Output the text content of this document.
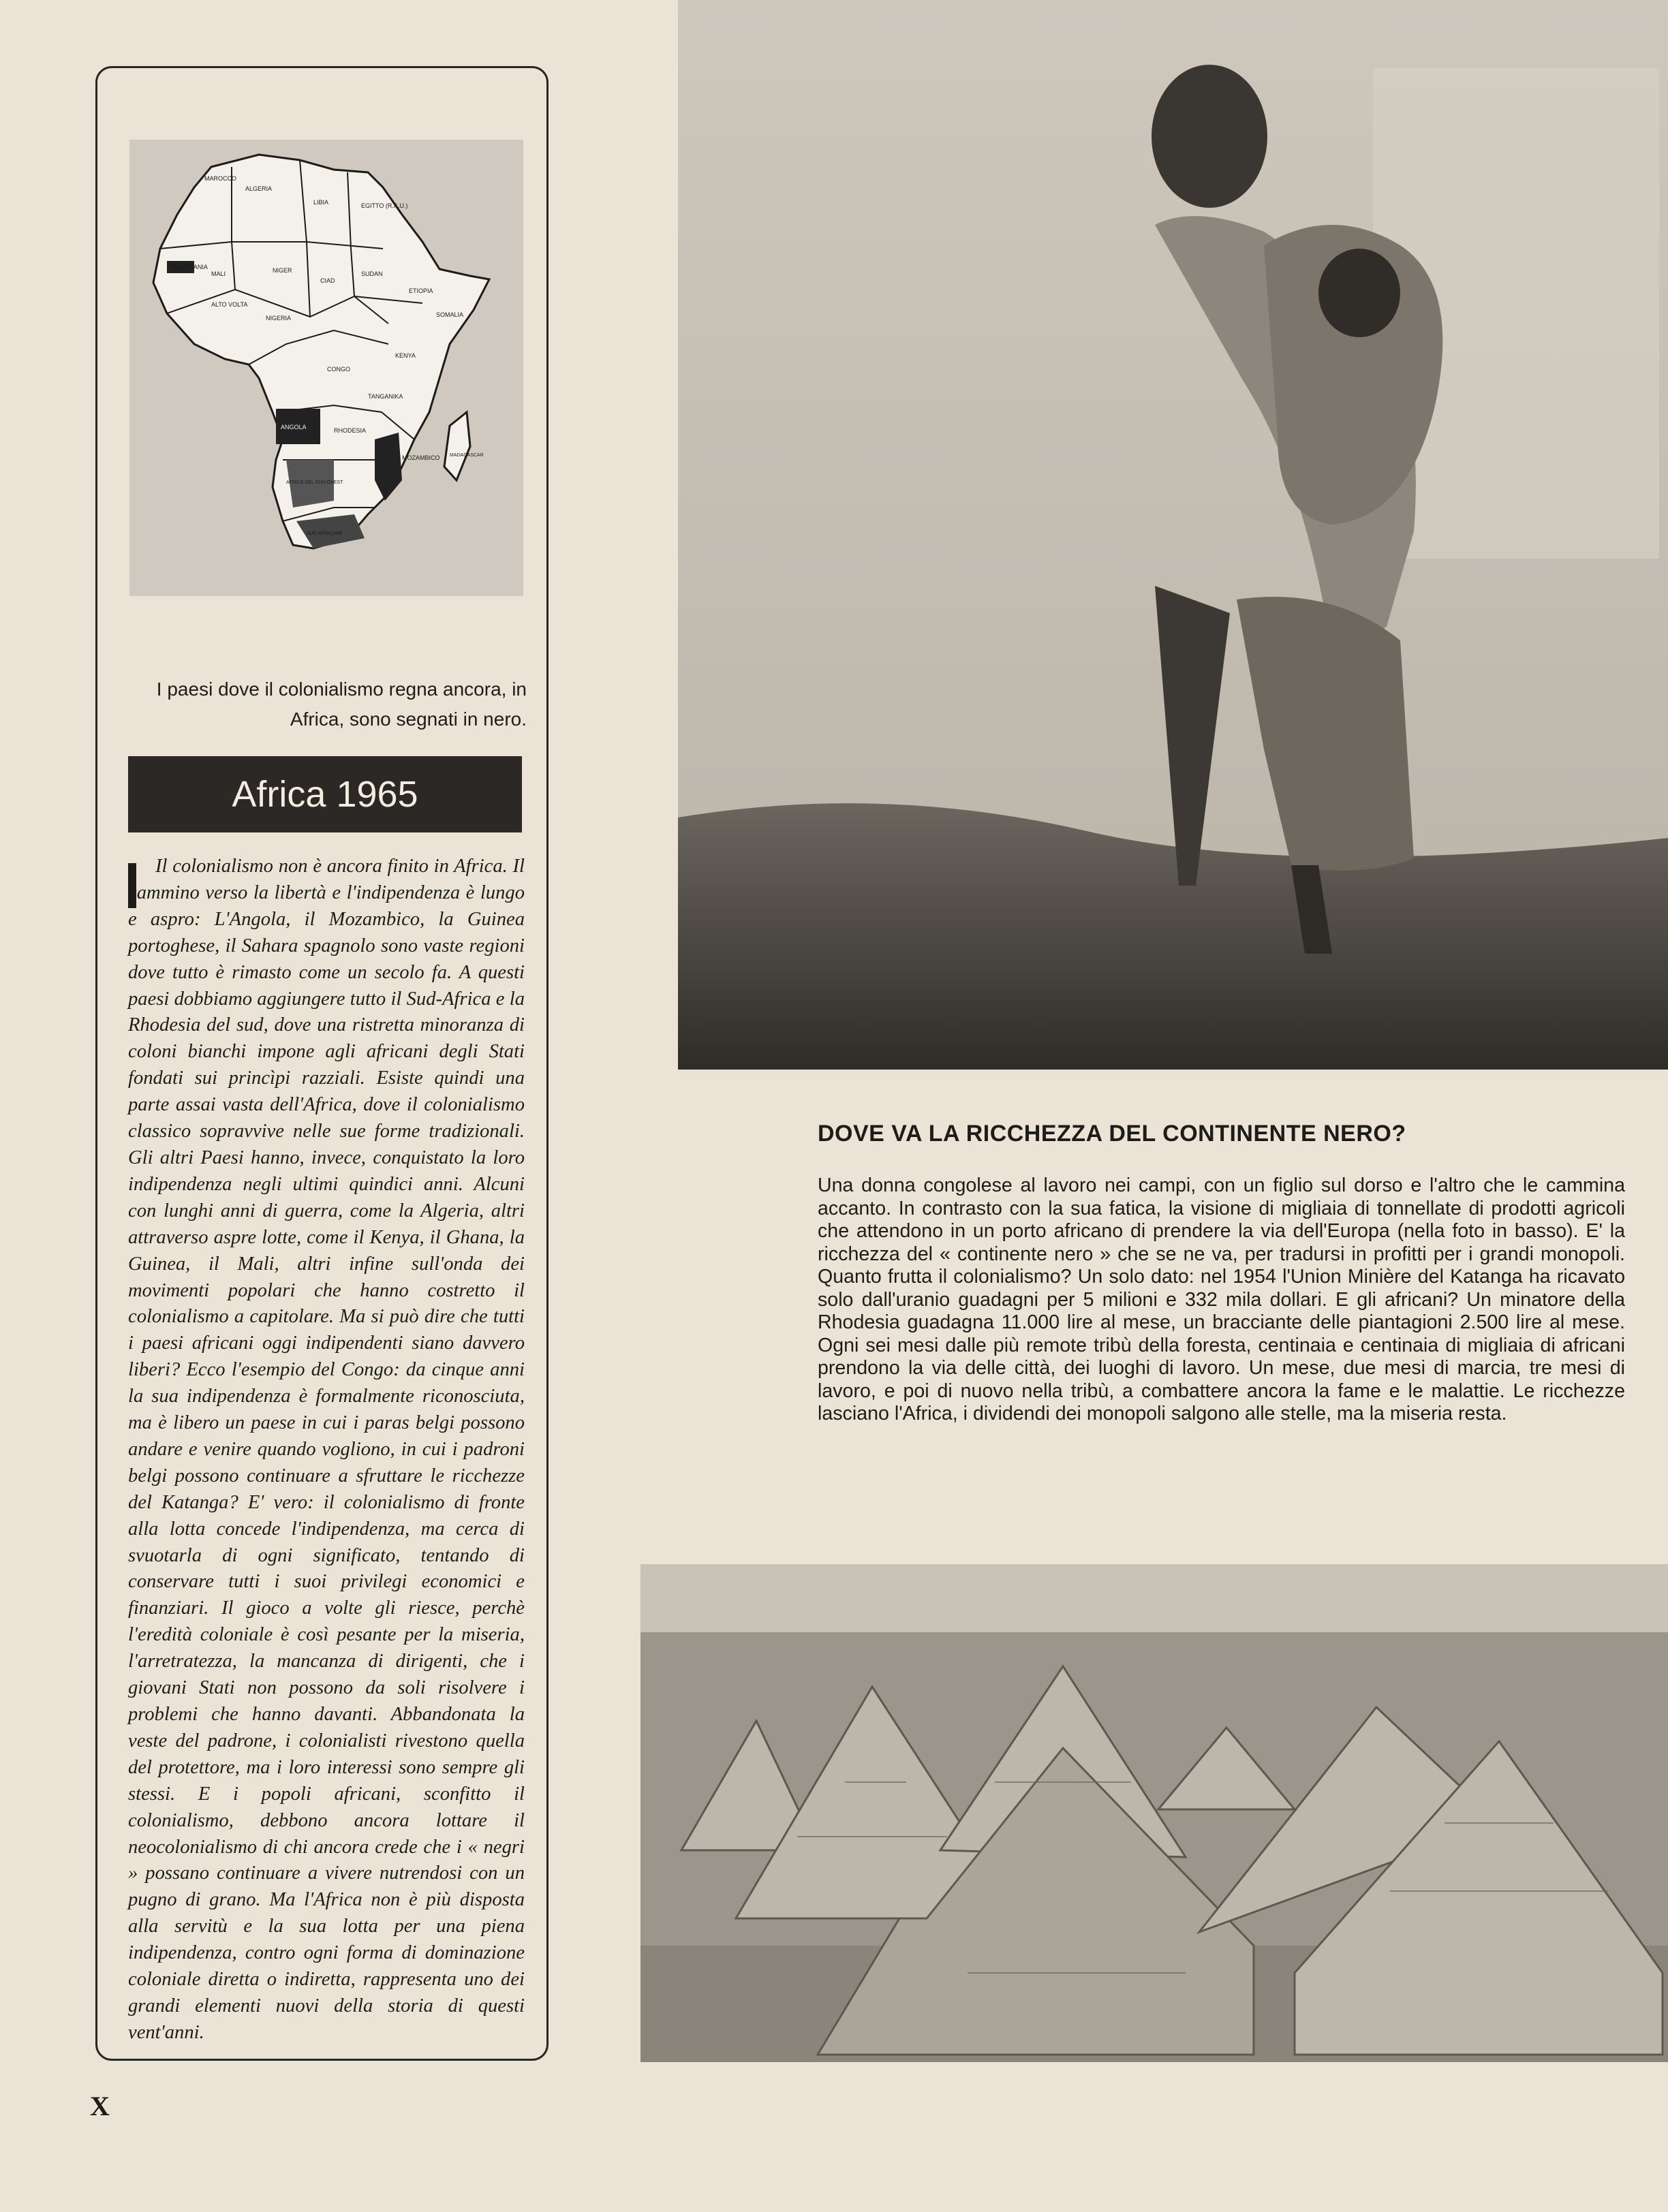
MAROCCO
ALGERIA
LIBIA	EGITTO (R.A.U.)
MAURITANIA
MALI	NIGER
CIAD
SUDAN
ETIOPIA
ALTO VOLTA
NIGERIA
CONGO
KENYA
TANGANIKA
ANGOLA	RHODESIA
MOZAMBICO
AFRICA DEL SUD-OVEST
SUD-AFRICANE
MADAGASCAR
SOMALIA
I paesi dove il colonialismo regna ancora, in Africa, sono segnati in nero.
Africa 1965

Il colonialismo non è ancora finito in Africa. Il cammino verso la libertà e l'indipendenza è lungo e aspro: L'Angola, il Mozambico, la Guinea portoghese, il Sahara spagnolo sono vaste regioni dove tutto è rimasto come un secolo fa. A questi paesi dobbiamo aggiungere tutto il Sud-Africa e la Rhodesia del sud, dove una ristretta minoranza di coloni bianchi impone agli africani degli Stati fondati sui princìpi razziali. Esiste quindi una parte assai vasta dell'Africa, dove il colonialismo classico sopravvive nelle sue forme tradizionali. Gli altri Paesi hanno, invece, conquistato la loro indipendenza negli ultimi quindici anni. Alcuni con lunghi anni di guerra, come la Algeria, altri attraverso aspre lotte, come il Kenya, il Ghana, la Guinea, il Mali, altri infine sull'onda dei movimenti popolari che hanno costretto il colonialismo a capitolare. Ma si può dire che tutti i paesi africani oggi indipendenti siano davvero liberi? Ecco l'esempio del Congo: da cinque anni la sua indipendenza è formalmente riconosciuta, ma è libero un paese in cui i paras belgi possono andare e venire quando vogliono, in cui i padroni belgi possono continuare a sfruttare le ricchezze del Katanga? E' vero: il colonialismo di fronte alla lotta concede l'indipendenza, ma cerca di svuotarla di ogni significato, tentando di conservare tutti i suoi privilegi economici e finanziari. Il gioco a volte gli riesce, perchè l'eredità coloniale è così pesante per la miseria, l'arretratezza, la mancanza di dirigenti, che i giovani Stati non possono da soli risolvere i problemi che hanno davanti. Abbandonata la veste del padrone, i colonialisti rivestono quella del protettore, ma i loro interessi sono sempre gli stessi. E i popoli africani, sconfitto il colonialismo, debbono ancora lottare il neocolonialismo di chi ancora crede che i « negri » possano continuare a vivere nutrendosi con un pugno di grano. Ma l'Africa non è più disposta alla servitù e la sua lotta per una piena indipendenza, contro ogni forma di dominazione coloniale diretta o indiretta, rappresenta uno dei grandi elementi nuovi della storia di questi vent'anni.

DOVE VA LA RICCHEZZA DEL CONTINENTE NERO?

Una donna congolese al lavoro nei campi, con un figlio sul dorso e l'altro che le cammina accanto. In contrasto con la sua fatica, la visione di migliaia di tonnellate di prodotti agricoli che attendono in un porto africano di prendere la via dell'Europa (nella foto in basso). E' la ricchezza del « continente nero » che se ne va, per tradursi in profitti per i grandi monopoli. Quanto frutta il colonialismo? Un solo dato: nel 1954 l'Union Minière del Katanga ha ricavato solo dall'uranio guadagni per 5 milioni e 332 mila dollari. E gli africani? Un minatore della Rhodesia guadagna 11.000 lire al mese, un bracciante delle piantagioni 2.500 lire al mese. Ogni sei mesi dalle più remote tribù della foresta, centinaia e centinaia di migliaia di africani prendono la via delle città, dei luoghi di lavoro. Un mese, due mesi di marcia, tre mesi di lavoro, e poi di nuovo nella tribù, a combattere ancora la fame e le malattie. Le ricchezze lasciano l'Africa, i dividendi dei monopoli salgono alle stelle, ma la miseria resta.

X
